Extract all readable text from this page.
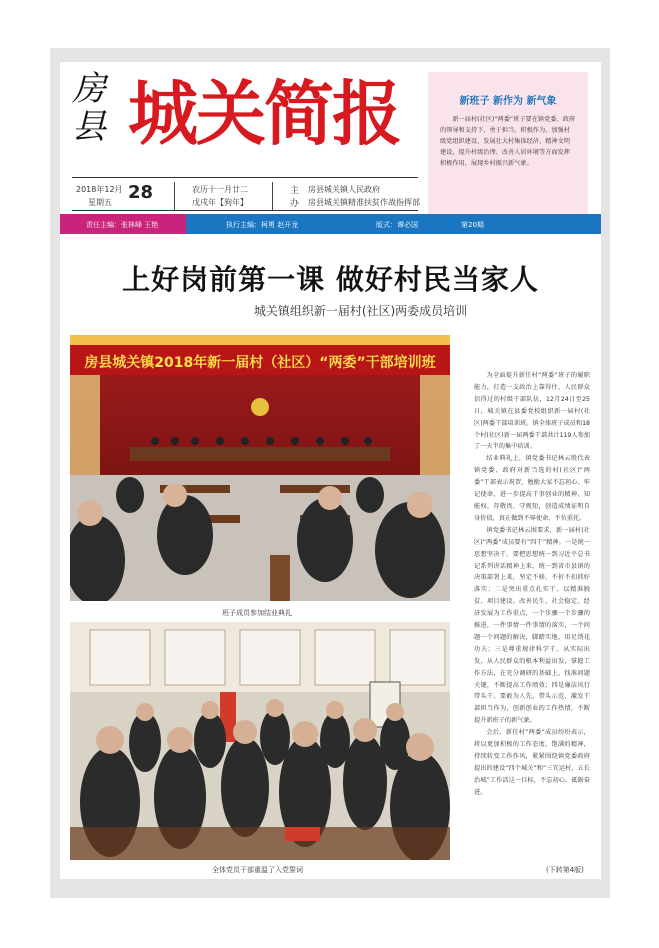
房县 城关简报	新班子 新作为 新气象

新一届村(社区)“两委”班子要在镇党委、政府的领导和支持下，勇于担当，积极作为，加强村级党组织建设、发展壮大村集体经济、精神文明建设，提升村级治理、改善人居环境等方面发挥积极作用，展现乡村振兴新气象。

2018年12月
星期五 28	农历十一月廿二
戊戌年【狗年】
主
办
房县城关镇人民政府
房县城关镇精准扶贫作战指挥部
责任主编：张林峰 王艳	执行主编：柯勇 赵开龙	版式：谭必国	第20期
上好岗前第一课 做好村民当家人
城关镇组织新一届村(社区)两委成员培训
房县城关镇2018年新一届村（社区）“两委”干部培训班
班子成员参加结业典礼
全体党员干部重温了入党誓词

为全面提升新任村“两委”班子的履职能力，打造一支政治上靠得住、人民群众信得过的村级干部队伍，12月24日至25日，城关镇在县委党校组织新一届村(社区)两委干部培训班。镇全体班子成员和18个村(社区)新一届两委干部共计119人参加了一天半的集中培训。

结业典礼上，镇党委书记林云胜代表镇党委、政府对新当选的村(社区)“两委”干部表示祝贺，勉励大家不忘初心、牢记使命，进一步提高干事创业的精神、知能权、存敬畏、守规矩，创造成绩证明自身价值，真正做到不辱使命、不负重托。

镇党委书记林云围要求，新一届村(社区)“两委”成员要有“四干”精神。一是统一思想坚决干。要把思想统一到习近平总书记系列讲话精神上来，统一到省市县镇的决策部署上来，坚定不移，不折不扣抓好落实；二是突出重点扎实干。以精准脱贫、项目建设、改善民生、社会稳定、经济发展为工作重点，一个步骤一个步骤的推进，一件事情一件事情的落实，一个问题一个问题的解决，脚踏实地，用足绣花功夫；三是尊重规律科学干。从实际出发，从人民群众的根本利益出发，掌握工作方法，在充分调研的基础上，找准问题关键，不断提高工作绩效；四是廉洁风行带头干。要敢为人先，带头示范，激发干部担当作为，创新创业的工作热情，不断提升新班子的新气象。

会后，新任村“两委”成员纷纷表示，将以更加积极的工作态度、饱满的精神，持续转变工作作风，紧紧围绕镇党委政府提出的建设“四个城关”和“三宜运村，五长治城”工作活这一目标，不忘初心，砥砺奋进。

(下转第4版)
